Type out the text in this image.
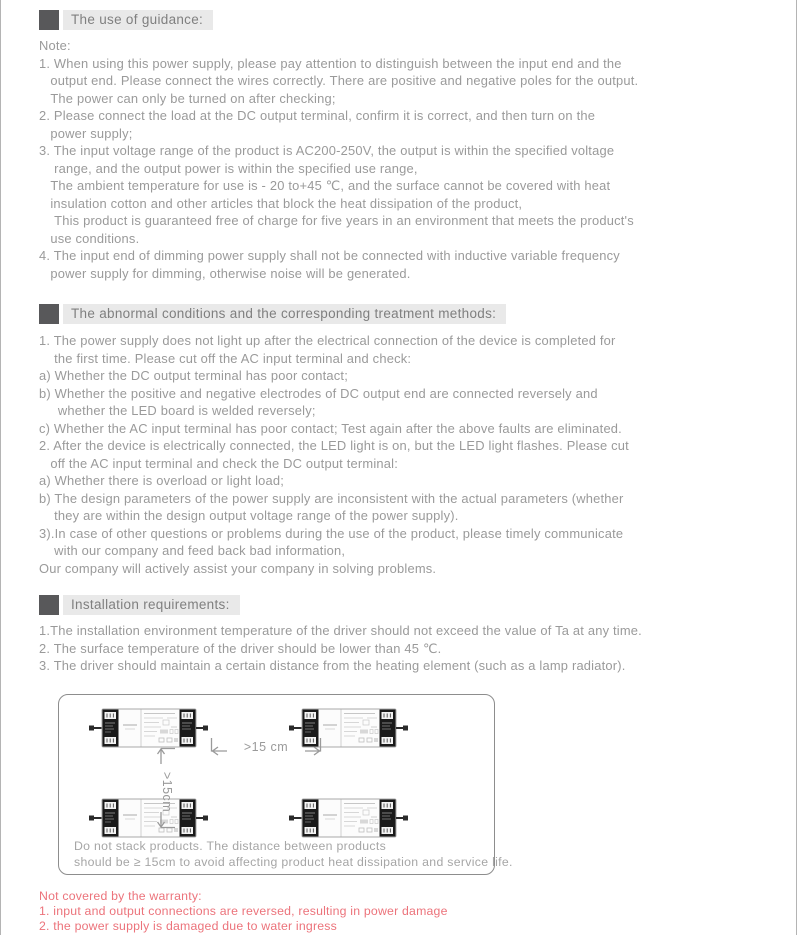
The use of guidance:
Note:
1. When using this power supply, please pay attention to distinguish between the input end and the
output end. Please connect the wires correctly. There are positive and negative poles for the output.
The power can only be turned on after checking;
2. Please connect the load at the DC output terminal, confirm it is correct, and then turn on the
power supply;
3. The input voltage range of the product is AC200-250V, the output is within the specified voltage
range, and the output power is within the specified use range,
The ambient temperature for use is - 20 to+45 ℃, and the surface cannot be covered with heat
insulation cotton and other articles that block the heat dissipation of the product,
This product is guaranteed free of charge for five years in an environment that meets the product's
use conditions.
4. The input end of dimming power supply shall not be connected with inductive variable frequency
power supply for dimming, otherwise noise will be generated.
The abnormal conditions and the corresponding treatment methods:
1. The power supply does not light up after the electrical connection of the device is completed for
the first time. Please cut off the AC input terminal and check:
a) Whether the DC output terminal has poor contact;
b) Whether the positive and negative electrodes of DC output end are connected reversely and
whether the LED board is welded reversely;
c) Whether the AC input terminal has poor contact; Test again after the above faults are eliminated.
2. After the device is electrically connected, the LED light is on, but the LED light flashes. Please cut
off the AC input terminal and check the DC output terminal:
a) Whether there is overload or light load;
b) The design parameters of the power supply are inconsistent with the actual parameters (whether
they are within the design output voltage range of the power supply).
3).In case of other questions or problems during the use of the product, please timely communicate
with our company and feed back bad information,
Our company will actively assist your company in solving problems.
Installation requirements:
1.The installation environment temperature of the driver should not exceed the value of Ta at any time.
2. The surface temperature of the driver should be lower than 45 ℃.
3. The driver should maintain a certain distance from the heating element (such as a lamp radiator).
>15 cm
>15cm
Do not stack products. The distance between products
should be ≥ 15cm to avoid affecting product heat dissipation and service life.
Not covered by the warranty:
1. input and output connections are reversed, resulting in power damage
2. the power supply is damaged due to water ingress
